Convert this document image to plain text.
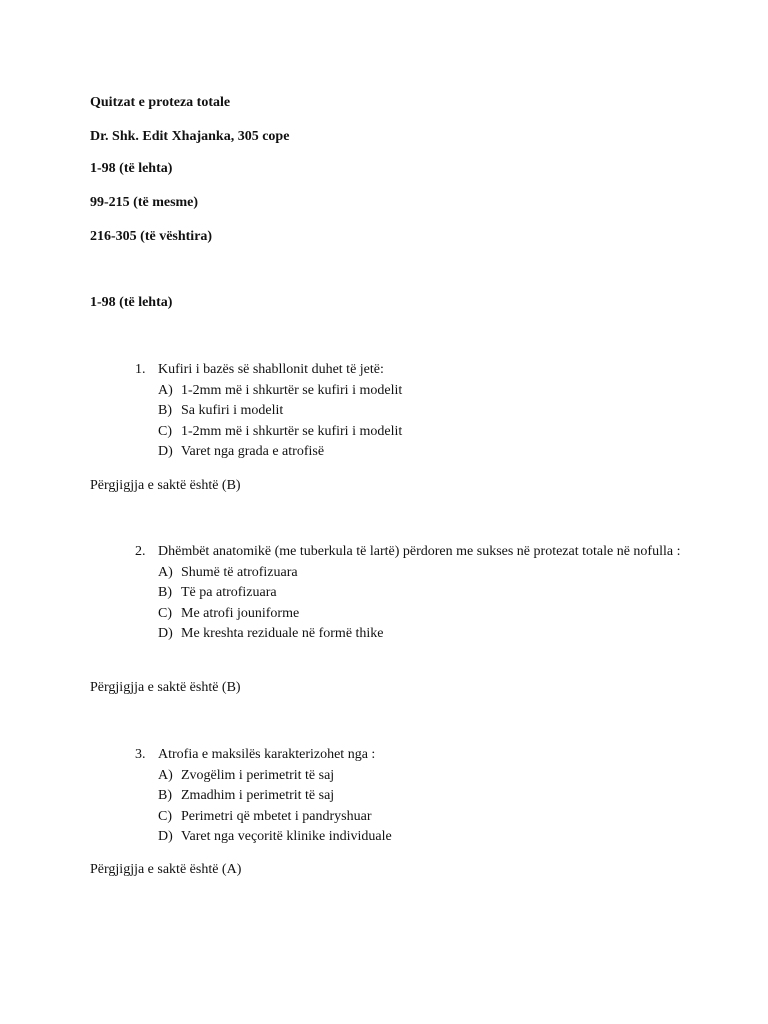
Quitzat e proteza totale
Dr. Shk. Edit Xhajanka, 305 cope
1-98 (të lehta)
99-215 (të mesme)
216-305 (të vështira)
1-98 (të lehta)
1. Kufiri i bazës së shabllonit duhet të jetë:
A) 1-2mm më i shkurtër se kufiri i modelit
B) Sa kufiri i modelit
C) 1-2mm më i shkurtër se kufiri i modelit
D) Varet nga grada e atrofisë
Përgjigjja e saktë është (B)
2. Dhëmbët anatomikë (me tuberkula të lartë) përdoren me sukses në protezat totale në nofulla :
A) Shumë të atrofizuara
B) Të pa atrofizuara
C) Me atrofi jouniforme
D) Me kreshta reziduale në formë thike
Përgjigjja e saktë është (B)
3. Atrofia e maksilës karakterizohet nga :
A) Zvogëlim i perimetrit të saj
B) Zmadhim i perimetrit të saj
C) Perimetri që mbetet i pandryshuar
D) Varet nga veçoritë klinike individuale
Përgjigjja e saktë është (A)
